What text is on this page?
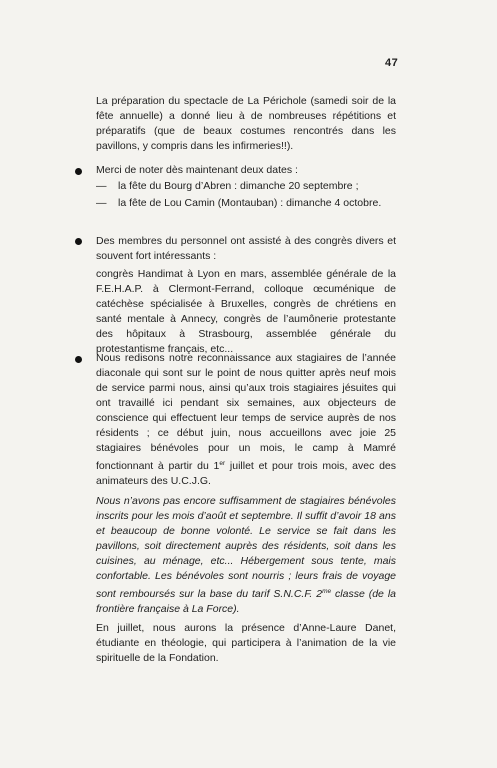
47

La préparation du spectacle de La Périchole (samedi soir de la fête annuelle) a donné lieu à de nombreuses répétitions et préparatifs (que de beaux costumes rencontrés dans les pavillons, y compris dans les infirmeries!!).

Merci de noter dès maintenant deux dates :

— la fête du Bourg d’Abren : dimanche 20 septembre ;
— la fête de Lou Camin (Montauban) : dimanche 4 octobre.

Des membres du personnel ont assisté à des congrès divers et souvent fort intéressants :

congrès Handimat à Lyon en mars, assemblée générale de la F.E.H.A.P. à Clermont-Ferrand, colloque œcuménique de catéchèse spécialisée à Bruxelles, congrès de chrétiens en santé mentale à Annecy, congrès de l’aumônerie protestante des hôpitaux à Strasbourg, assemblée générale du protestantisme français, etc...

Nous redisons notre reconnaissance aux stagiaires de l’année diaconale qui sont sur le point de nous quitter après neuf mois de service parmi nous, ainsi qu’aux trois stagiaires jésuites qui ont travaillé ici pendant six semaines, aux objecteurs de conscience qui effectuent leur temps de service auprès de nos résidents ; ce début juin, nous accueillons avec joie 25 stagiaires bénévoles pour un mois, le camp à Mamré fonctionnant à partir du 1er juillet et pour trois mois, avec des animateurs des U.C.J.G.

Nous n’avons pas encore suffisamment de stagiaires bénévoles inscrits pour les mois d’août et septembre. Il suffit d’avoir 18 ans et beaucoup de bonne volonté. Le service se fait dans les pavillons, soit directement auprès des résidents, soit dans les cuisines, au ménage, etc... Hébergement sous tente, mais confortable. Les bénévoles sont nourris ; leurs frais de voyage sont remboursés sur la base du tarif S.N.C.F. $2^{me}$ classe (de la frontière française à La Force).

En juillet, nous aurons la présence d’Anne-Laure Danet, étudiante en théologie, qui participera à l’animation de la vie spirituelle de la Fondation.
